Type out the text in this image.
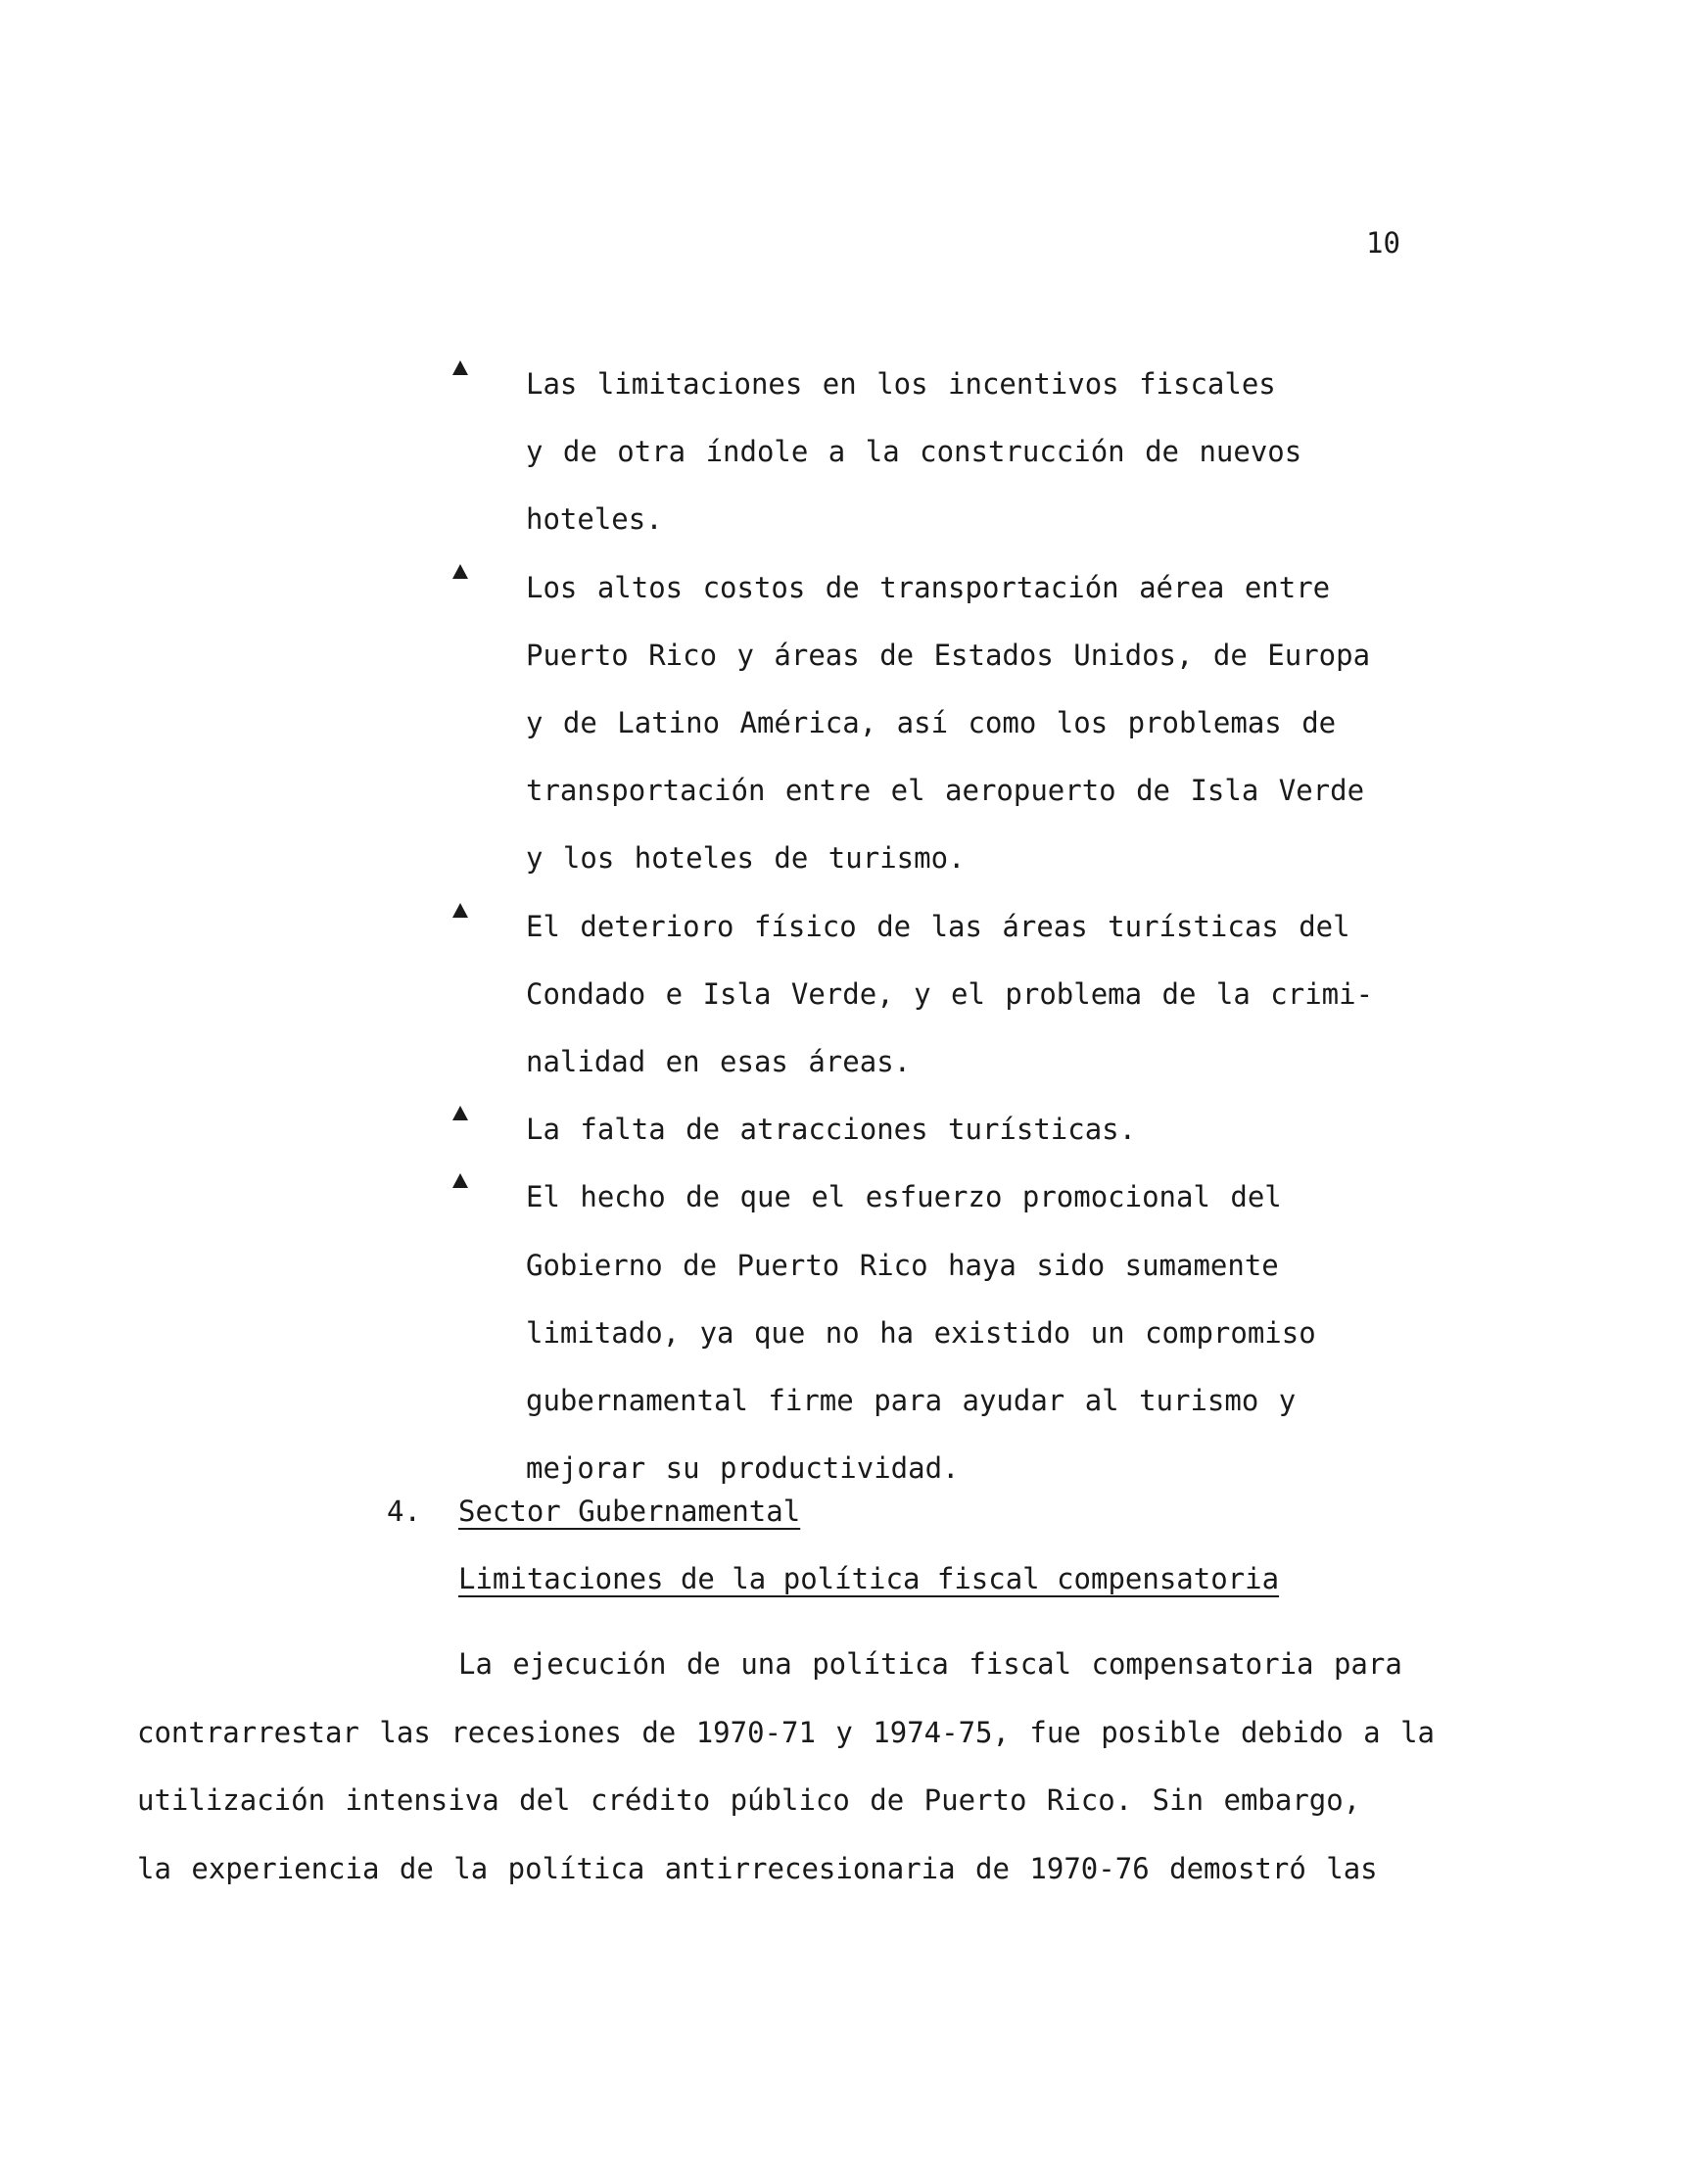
10
Las limitaciones en los incentivos fiscales
y de otra índole a la construcción de nuevos
hoteles.
Los altos costos de transportación aérea entre
Puerto Rico y áreas de Estados Unidos, de Europa
y de Latino América, así como los problemas de
transportación entre el aeropuerto de Isla Verde
y los hoteles de turismo.
El deterioro físico de las áreas turísticas del
Condado e Isla Verde, y el problema de la crimi-
nalidad en esas áreas.
La falta de atracciones turísticas.
El hecho de que el esfuerzo promocional del
Gobierno de Puerto Rico haya sido sumamente
limitado, ya que no ha existido un compromiso
gubernamental firme para ayudar al turismo y
mejorar su productividad.
4. Sector Gubernamental
Limitaciones de la política fiscal compensatoria

La ejecución de una política fiscal compensatoria para
contrarrestar las recesiones de 1970-71 y 1974-75, fue posible debido a la
utilización intensiva del crédito público de Puerto Rico. Sin embargo,
la experiencia de la política antirrecesionaria de 1970-76 demostró las
